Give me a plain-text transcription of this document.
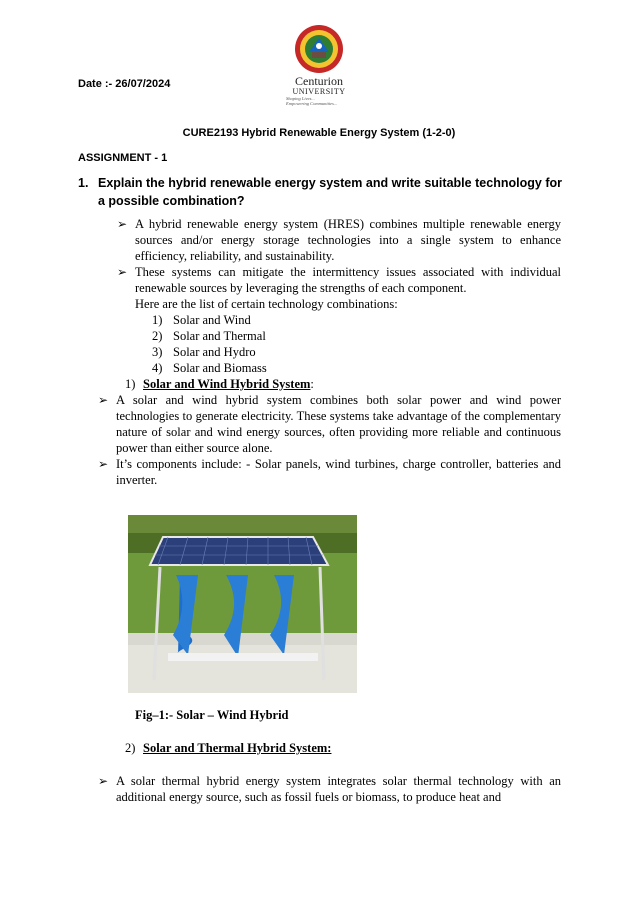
Date :- 26/07/2024	Centurion
UNIVERSITY
Shaping Lives...
Empowering Communities...
CURE2193 Hybrid Renewable Energy System (1-2-0)
ASSIGNMENT - 1
1. Explain the hybrid renewable energy system and write suitable technology for a possible combination?
➢ A hybrid renewable energy system (HRES) combines multiple renewable energy sources and/or energy storage technologies into a single system to enhance efficiency, reliability, and sustainability.
➢ These systems can mitigate the intermittency issues associated with individual renewable sources by leveraging the strengths of each component.
Here are the list of certain technology combinations:
1) Solar and Wind
2) Solar and Thermal
3) Solar and Hydro
4) Solar and Biomass
1) Solar and Wind Hybrid System:
➢ A solar and wind hybrid system combines both solar power and wind power technologies to generate electricity. These systems take advantage of the complementary nature of solar and wind energy sources, often providing more reliable and continuous power than either source alone.
➢ It’s components include: - Solar panels, wind turbines, charge controller, batteries and inverter.
Fig–1:- Solar – Wind Hybrid
2) Solar and Thermal Hybrid System:
➢ A solar thermal hybrid energy system integrates solar thermal technology with an additional energy source, such as fossil fuels or biomass, to produce heat and
